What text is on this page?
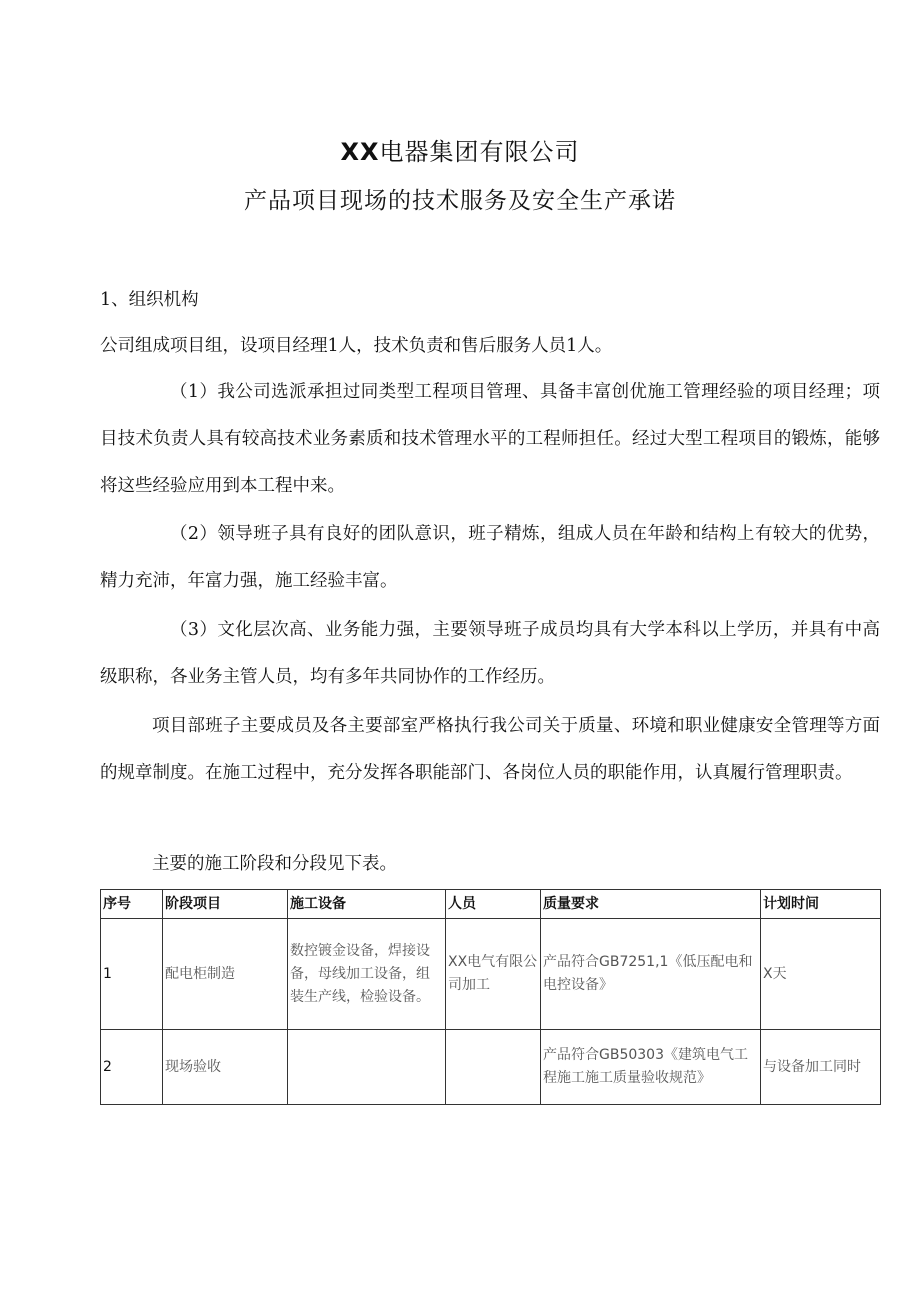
XX电器集团有限公司
产品项目现场的技术服务及安全生产承诺

1、组织机构

公司组成项目组，设项目经理1人，技术负责和售后服务人员1人。

（1）我公司选派承担过同类型工程项目管理、具备丰富创优施工管理经验的项目经理；项目技术负责人具有较高技术业务素质和技术管理水平的工程师担任。经过大型工程项目的锻炼，能够将这些经验应用到本工程中来。

（2）领导班子具有良好的团队意识，班子精炼，组成人员在年龄和结构上有较大的优势，精力充沛，年富力强，施工经验丰富。

（3）文化层次高、业务能力强，主要领导班子成员均具有大学本科以上学历，并具有中高级职称，各业务主管人员，均有多年共同协作的工作经历。

项目部班子主要成员及各主要部室严格执行我公司关于质量、环境和职业健康安全管理等方面的规章制度。在施工过程中，充分发挥各职能部门、各岗位人员的职能作用，认真履行管理职责。

主要的施工阶段和分段见下表。

序号	阶段项目	施工设备	人员	质量要求	计划时间
1	配电柜制造	数控镀金设备，焊接设备，母线加工设备，组装生产线，检验设备。	XX电气有限公司加工	产品符合GB7251,1《低压配电和电控设备》	X天
2	现场验收			产品符合GB50303《建筑电气工程施工施工质量验收规范》	与设备加工同时
